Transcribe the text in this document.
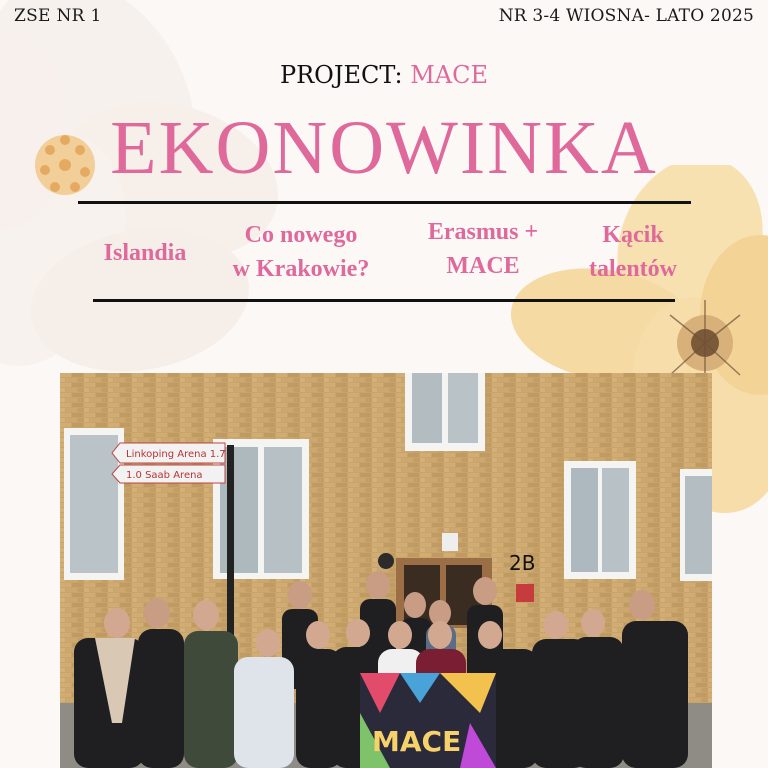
ZSE NR 1	NR 3-4 WIOSNA- LATO 2025
PROJECT: MACE
EKONOWINKA
Islandia
Co nowego
w Krakowie?
Erasmus +
MACE
Kącik
talentów
2B
Linkoping Arena 1.7
1.0 Saab Arena
MACE
